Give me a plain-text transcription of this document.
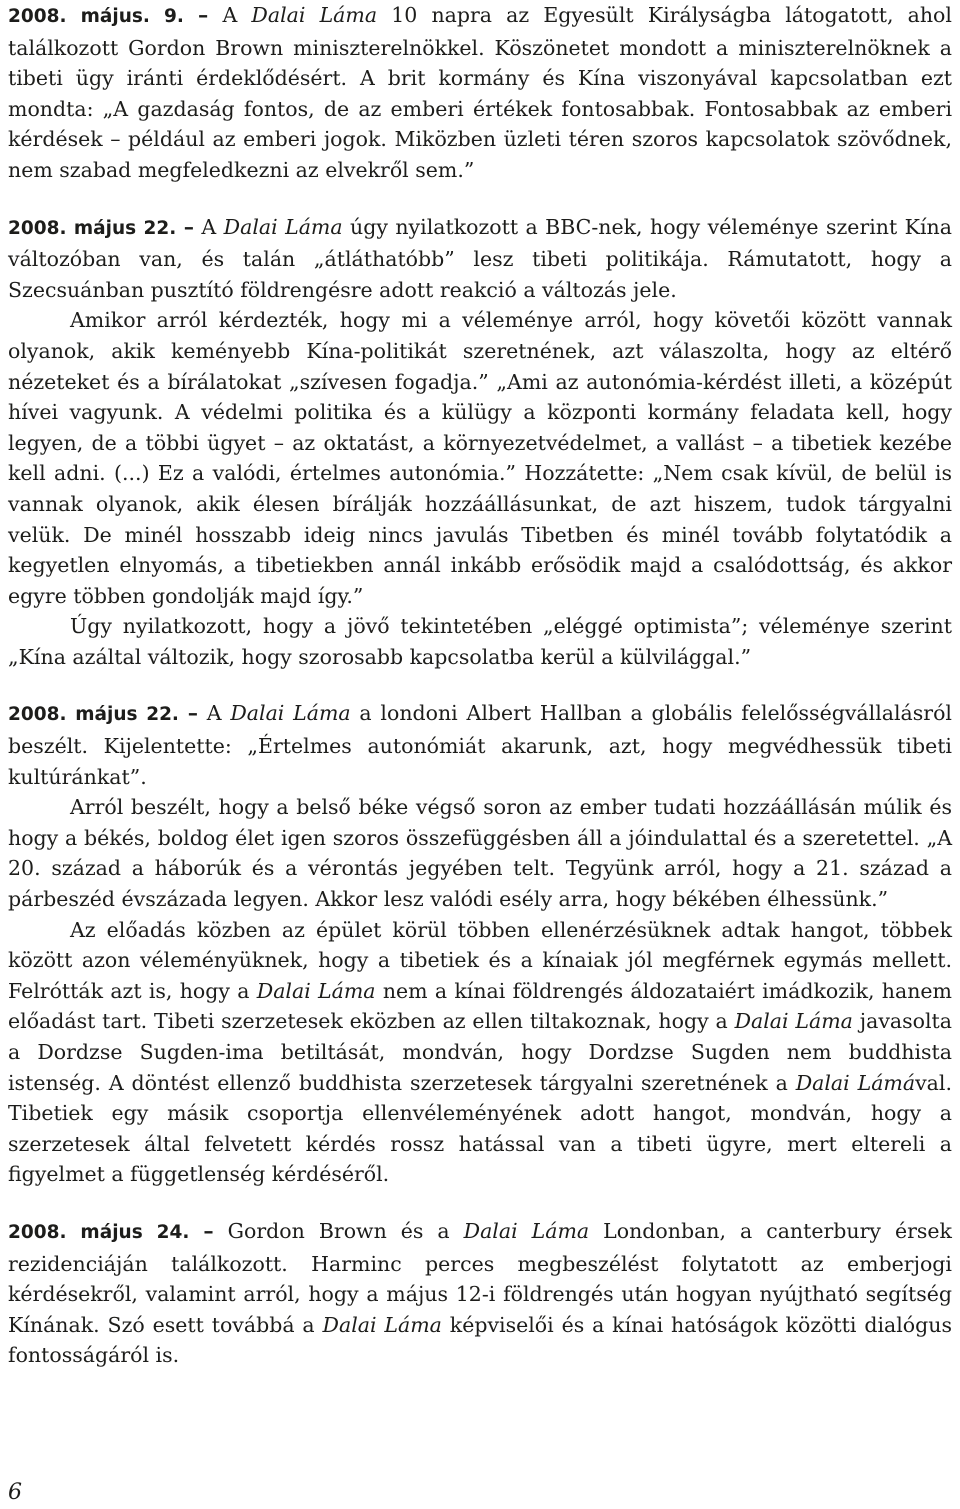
2008. május. 9. – A Dalai Láma 10 napra az Egyesült Királyságba látogatott, ahol találkozott Gordon Brown miniszterelnökkel. Köszönetet mondott a miniszterelnöknek a tibeti ügy iránti érdeklődésért. A brit kormány és Kína viszonyával kapcsolatban ezt mondta: „A gazdaság fontos, de az emberi értékek fontosabbak. Fontosabbak az emberi kérdések – például az emberi jogok. Miközben üzleti téren szoros kapcsolatok szövődnek, nem szabad megfeledkezni az elvekről sem.”

2008. május 22. – A Dalai Láma úgy nyilatkozott a BBC-nek, hogy véleménye szerint Kína változóban van, és talán „átláthatóbb” lesz tibeti politikája. Rámutatott, hogy a Szecsuánban pusztító földrengésre adott reakció a változás jele.

Amikor arról kérdezték, hogy mi a véleménye arról, hogy követői között vannak olyanok, akik keményebb Kína-politikát szeretnének, azt válaszolta, hogy az eltérő nézeteket és a bírálatokat „szívesen fogadja.” „Ami az autonómia-kérdést illeti, a középút hívei vagyunk. A védelmi politika és a külügy a központi kormány feladata kell, hogy legyen, de a többi ügyet – az oktatást, a környezetvédelmet, a vallást – a tibetiek kezébe kell adni. (...) Ez a valódi, értelmes autonómia.” Hozzátette: „Nem csak kívül, de belül is vannak olyanok, akik élesen bírálják hozzáállásunkat, de azt hiszem, tudok tárgyalni velük. De minél hosszabb ideig nincs javulás Tibetben és minél tovább folytatódik a kegyetlen elnyomás, a tibetiekben annál inkább erősödik majd a csalódottság, és akkor egyre többen gondolják majd így.”

Úgy nyilatkozott, hogy a jövő tekintetében „eléggé optimista”; véleménye szerint „Kína azáltal változik, hogy szorosabb kapcsolatba kerül a külvilággal.”

2008. május 22. – A Dalai Láma a londoni Albert Hallban a globális felelősségvállalásról beszélt. Kijelentette: „Értelmes autonómiát akarunk, azt, hogy megvédhessük tibeti kultúránkat”.

Arról beszélt, hogy a belső béke végső soron az ember tudati hozzáállásán múlik és hogy a békés, boldog élet igen szoros összefüggésben áll a jóindulattal és a szeretettel. „A 20. század a háborúk és a vérontás jegyében telt. Tegyünk arról, hogy a 21. század a párbeszéd évszázada legyen. Akkor lesz valódi esély arra, hogy békében élhessünk.”

Az előadás közben az épület körül többen ellenérzésüknek adtak hangot, többek között azon véleményüknek, hogy a tibetiek és a kínaiak jól megférnek egymás mellett. Felrótták azt is, hogy a Dalai Láma nem a kínai földrengés áldozataiért imádkozik, hanem előadást tart. Tibeti szerzetesek eközben az ellen tiltakoznak, hogy a Dalai Láma javasolta a Dordzse Sugden-ima betiltását, mondván, hogy Dordzse Sugden nem buddhista istenség. A döntést ellenző buddhista szerzetesek tárgyalni szeretnének a Dalai Lámával. Tibetiek egy másik csoportja ellenvéleményének adott hangot, mondván, hogy a szerzetesek által felvetett kérdés rossz hatással van a tibeti ügyre, mert eltereli a figyelmet a függetlenség kérdéséről.

2008. május 24. – Gordon Brown és a Dalai Láma Londonban, a canterbury érsek rezidenciáján találkozott. Harminc perces megbeszélést folytatott az emberjogi kérdésekről, valamint arról, hogy a május 12-i földrengés után hogyan nyújtható segítség Kínának. Szó esett továbbá a Dalai Láma képviselői és a kínai hatóságok közötti dialógus fontosságáról is.

6
